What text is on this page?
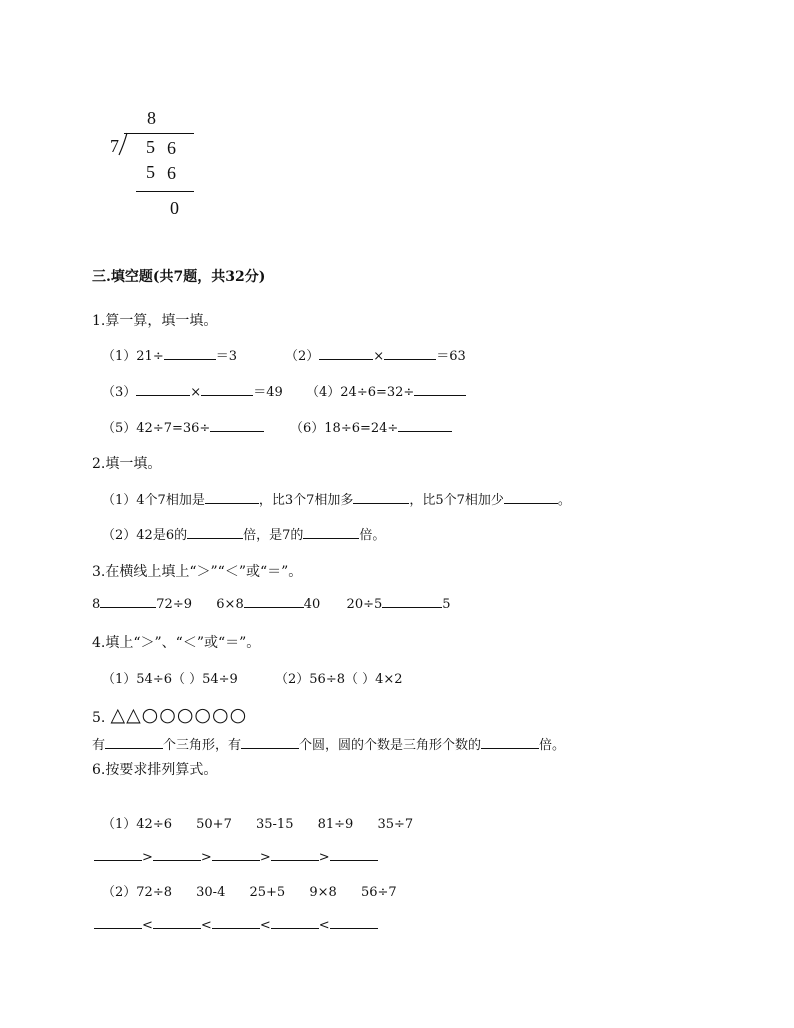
8
7 5 6
5 6
0
三.填空题(共7题，共32分)
1.算一算，填一填。
（1）21÷	＝3	（2）	×	＝63
（3）	×	＝49 （4）24÷6=32÷
（5）42÷7=36÷	（6）18÷6=24÷
2.填一填。
（1）4个7相加是	，比3个7相加多	，比5个7相加少	。
（2）42是6的	倍，是7的	倍。
3.在横线上填上“＞”“＜”或“＝”。
8	72÷9 6×8	40 20÷5	5
4.填上“＞”、“＜”或“＝”。
（1）54÷6（ ）54÷9	（2）56÷8（ ）4×2
5. △△○○○○○○
有	个三角形，有	个圆，圆的个数是三角形个数的	倍。
6.按要求排列算式。
（1）42÷6 50+7 35-15 81÷9 35÷7
>	>	>	>
（2）72÷8 30-4 25+5 9×8 56÷7
<	<	<	<
